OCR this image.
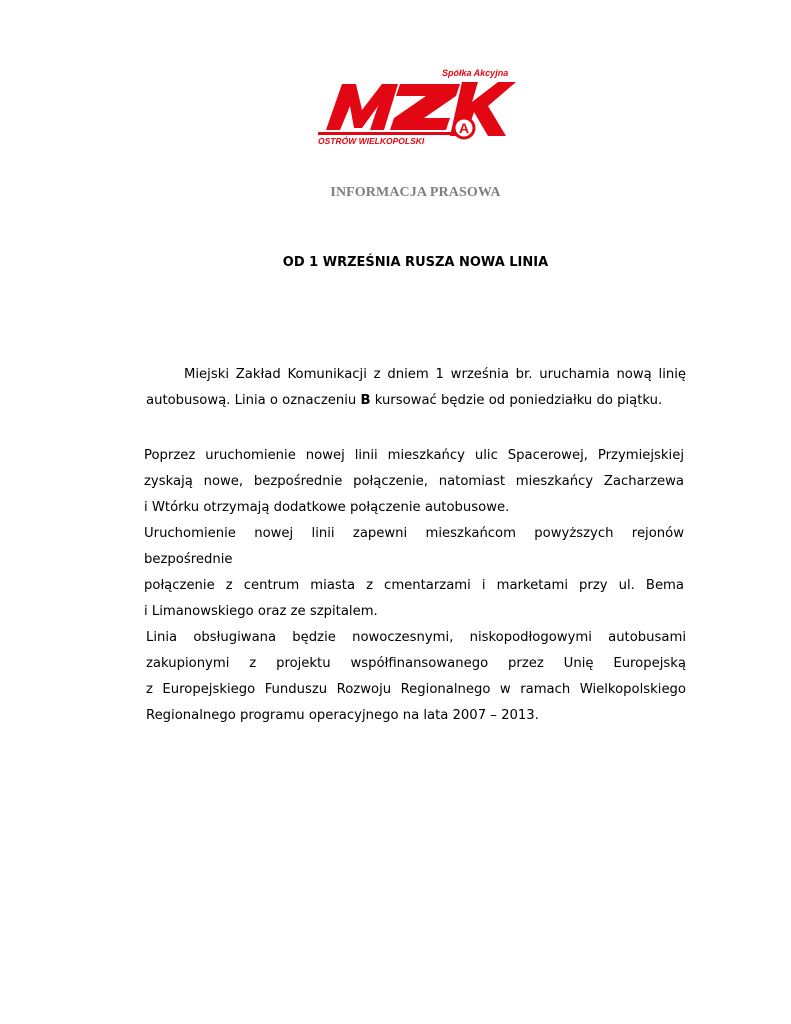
A
Spółka Akcyjna
OSTRÓW WIELKOPOLSKI
INFORMACJA PRASOWA
OD 1 WRZEŚNIA RUSZA NOWA LINIA
Miejski Zakład Komunikacji z dniem 1 września br. uruchamia nową linię
autobusową. Linia o oznaczeniu B kursować będzie od poniedziałku do piątku.
Poprzez uruchomienie nowej linii mieszkańcy ulic Spacerowej, Przymiejskiej
zyskają nowe, bezpośrednie połączenie, natomiast mieszkańcy Zacharzewa
i Wtórku otrzymają dodatkowe połączenie autobusowe.
Uruchomienie nowej linii zapewni mieszkańcom powyższych rejonów bezpośrednie
połączenie z centrum miasta z cmentarzami i marketami przy ul. Bema
i Limanowskiego oraz ze szpitalem.
Linia obsługiwana będzie nowoczesnymi, niskopodłogowymi autobusami
zakupionymi z projektu współfinansowanego przez Unię Europejską
z Europejskiego Funduszu Rozwoju Regionalnego w ramach Wielkopolskiego
Regionalnego programu operacyjnego na lata 2007 – 2013.
